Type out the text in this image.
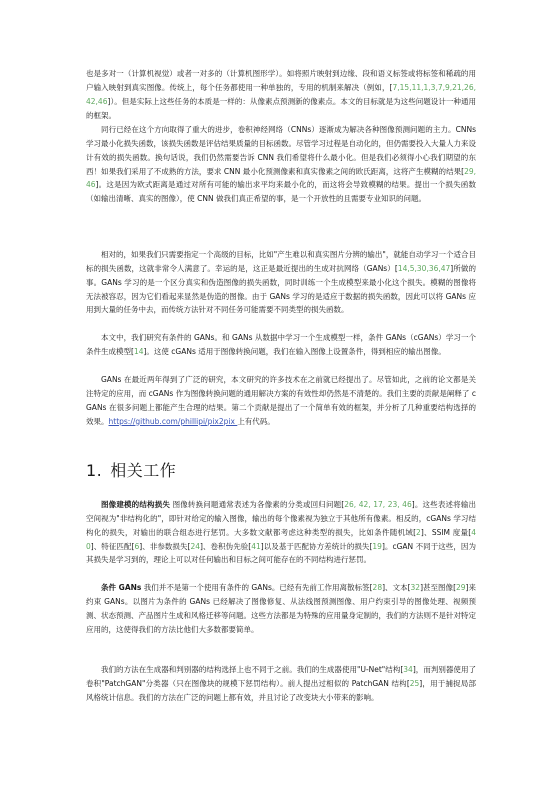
也是多对一（计算机视觉）或者一对多的（计算机图形学）。如将照片映射到边缘、段和语义标签或将标签和稀疏的用户输入映射到真实图像。传统上，每个任务都使用一种单独的，专用的机制来解决（例如，[7,15,11,1,3,7,9,21,26,42,46]）。但是实际上这些任务的本质是一样的：从像素点预测新的像素点。本文的目标就是为这些问题设计一种通用的框架。

同行已经在这个方向取得了重大的进步，卷积神经网络（CNNs）逐渐成为解决各种图像预测问题的主力。CNNs 学习最小化损失函数，该损失函数是评估结果质量的目标函数。尽管学习过程是自动化的，但仍需要投入大量人力来设计有效的损失函数。换句话说，我们仍然需要告诉 CNN 我们希望将什么最小化。但是我们必须得小心我们期望的东西！如果我们采用了不成熟的方法，要求 CNN 最小化预测像素和真实像素之间的欧氏距离，这将产生模糊的结果[29,46]。这是因为欧式距离是通过对所有可能的输出求平均来最小化的，而这将会导致模糊的结果。提出一个损失函数（如输出清晰、真实的图像），使 CNN 做我们真正希望的事，是一个开放性的且需要专业知识的问题。

相对的，如果我们只需要指定一个高级的目标，比如"产生难以和真实图片分辨的输出"，就能自动学习一个适合目标的损失函数，这就非常令人满意了。幸运的是，这正是最近提出的生成对抗网络（GANs）[14,5,30,36,47]所做的事。GANs 学习的是一个区分真实和伪造图像的损失函数，同时训练一个生成模型来最小化这个损失。模糊的图像将无法被容忍，因为它们看起来显然是伪造的图像。由于 GANs 学习的是适应于数据的损失函数，因此可以将 GANs 应用到大量的任务中去，而传统方法针对不同任务可能需要不同类型的损失函数。

本文中，我们研究有条件的 GANs。和 GANs 从数据中学习一个生成模型一样，条件 GANs（cGANs）学习一个条件生成模型[14]。这使 cGANs 适用于图像转换问题，我们在输入图像上设置条件，得到相应的输出图像。

GANs 在最近两年得到了广泛的研究，本文研究的许多技术在之前就已经提出了。尽管如此，之前的论文都是关注特定的应用，而 cGANs 作为图像转换问题的通用解决方案的有效性却仍然是不清楚的。我们主要的贡献是阐释了 cGANs 在很多问题上都能产生合理的结果。第二个贡献是提出了一个简单有效的框架，并分析了几种重要结构选择的效果。https://github.com/phillipi/pix2pix 上有代码。

1. 相关工作

图像建模的结构损失 图像转换问题通常表述为各像素的分类或回归问题[26, 42, 17, 23, 46]。这些表述将输出空间视为"非结构化的"，即针对给定的输入图像，输出的每个像素视为独立于其他所有像素。相反的，cGANs 学习结构化的损失，对输出的联合组态进行惩罚。大多数文献都考虑这种类型的损失，比如条件随机域[2]、SSIM 度量[40]、特征匹配[6]、非参数损失[24]、卷积伪先验[41]以及基于匹配协方差统计的损失[19]。cGAN 不同于这些，因为其损失是学习到的，理论上可以对任何输出和目标之间可能存在的不同结构进行惩罚。

条件 GANs 我们并不是第一个使用有条件的 GANs。已经有先前工作用离散标签[28]、文本[32]甚至图像[29]来约束 GANs。以图片为条件的 GANs 已经解决了图像修复、从法线图预测图像、用户约束引导的图像处理、视频预测、状态预测、产品图片生成和风格迁移等问题。这些方法都是为特殊的应用量身定制的，我们的方法则不是针对特定应用的，这使得我们的方法比他们大多数都要简单。

我们的方法在生成器和判别器的结构选择上也不同于之前。我们的生成器使用"U-Net"结构[34]，而判别器使用了卷积"PatchGAN"分类器（只在图像块的规模下惩罚结构）。前人提出过相似的 PatchGAN 结构[25]，用于捕捉局部风格统计信息。我们的方法在广泛的问题上都有效，并且讨论了改变块大小带来的影响。
